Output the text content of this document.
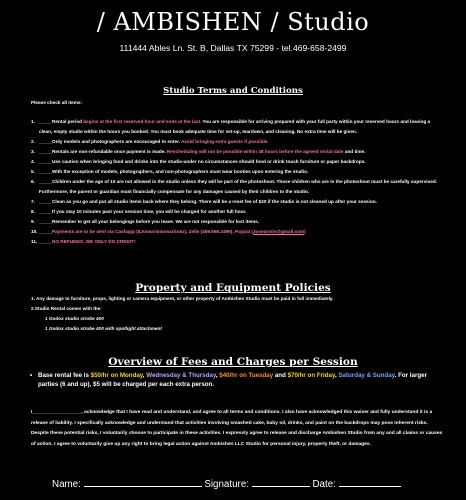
/ AMBISHEN / Studio
111444 Ables Ln. St. B, Dallas TX 75299 - tel.469-658-2499
Studio Terms and Conditions
Please check all items:
1. _____Rental period begins at the first reserved hour and ends at the last. You are responsible for arriving prepared with your full party within your reserved hours and leaving a clean, empty studio within the hours you booked. You must book adequate time for set-up, teardown, and cleaning. No extra time will be given.
2. _____Only models and photographers are encouraged to enter. Avoid bringing extra guests if possible.
3. _____Rentals are non-refundable once payment is made. Rescheduling will not be possible within 48 hours before the agreed rental date and time.
4. _____Use caution when bringing food and drinks into the studio-under no circumstances should food or drink touch furniture or paper backdrops.
5. _____With the exception of models, photographers, and non-photographers must wear booties upon entering the studio.
6. _____Children under the age of 10 are not allowed in the studio unless they will be part of the photoshoot. Those children who are in the photoshoot must be carefully supervised. Furthermore, the parent or guardian must financially compensate for any damages caused by their children to the studio.
7. _____Clean as you go and put all studio items back where they belong. There will be a reset fee of $20 if the studio is not cleaned up after your session.
8. _____If you stay 10 minutes past your session time, you will be charged for another full hour.
9. _____Remember to get all your belongings before you leave. We are not responsible for lost items.
10. _____Payments are to be sent via Cashapp ($Joseariminmartinez), Zelle (469.658.2499), Paypal (Josearmin@gmail.com)
11. _____NO REFUNDS. WE ONLY DO CREDIT!
Property and Equipment Policies
1. Any damage to furniture, props, lighting or camera equipment, or other property of Ambishen Studio must be paid in full immediately.
2.Studio Rental comes with the:
1 Godox studio strobe 400
1 Godox studio strobe 400 with spotlight attachment
Overview of Fees and Charges per Session
• Base rental fee is $50/hr on Monday, Wednesday & Thursday, $40/hr on Tuesday and $70/hr on Friday, Saturday & Sunday. For larger parties (6 and up), $5 will be charged per each extra person.
I__________________, acknowledge that I have read and understand, and agree to all terms and conditions. I also have acknowledged this waiver and fully understand it is a release of liability. I specifically acknowledge and understand that activities involving smashed cake, baby oil, drinks, and paint on the backdrops may pose inherent risks. Despite these potential risks, I voluntarily choose to participate in these activities. I expressly agree to release and discharge Ambishen Studio from any and all claims or causes of action. I agree to voluntarily give up any right to bring legal action against Ambishen LLC Studio for personal injury, property theft, or damages.
Name:	Signature:	Date:
